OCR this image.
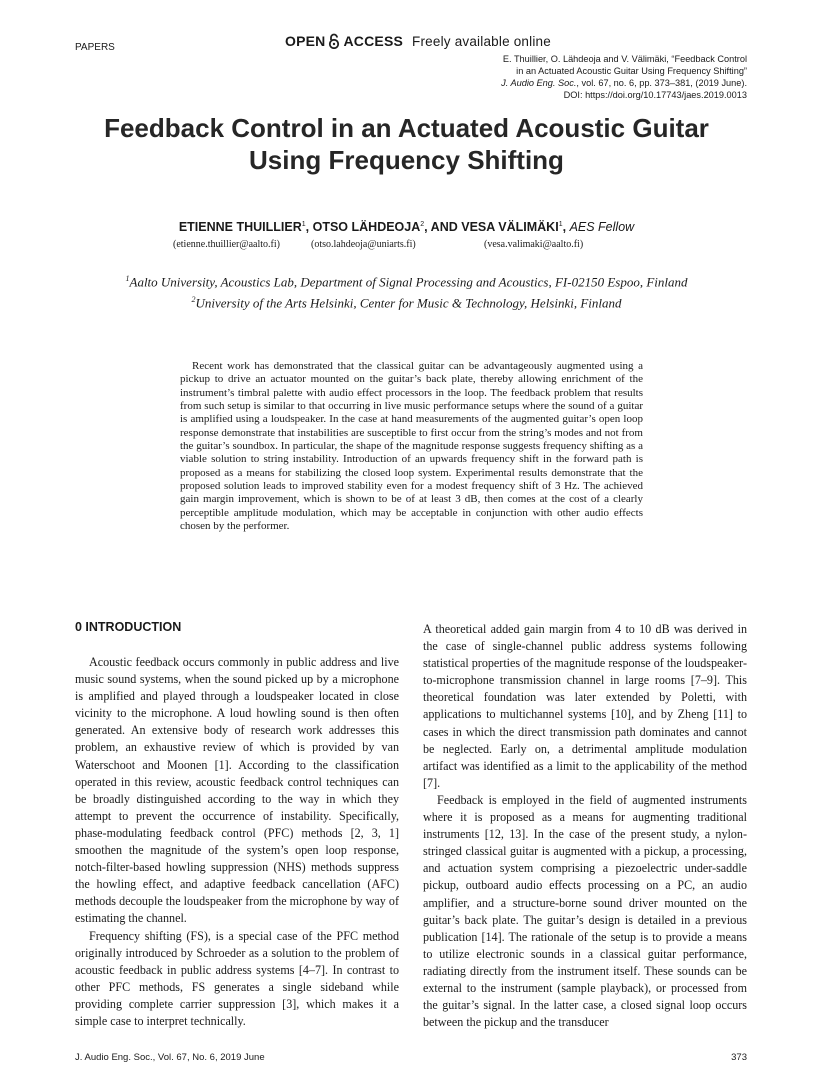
PAPERS	OPEN ACCESS Freely available online
E. Thuillier, O. Lähdeoja and V. Välimäki, “Feedback Control
in an Actuated Acoustic Guitar Using Frequency Shifting”
J. Audio Eng. Soc., vol. 67, no. 6, pp. 373–381, (2019 June).
DOI: https://doi.org/10.17743/jaes.2019.0013
Feedback Control in an Actuated Acoustic Guitar
Using Frequency Shifting
ETIENNE THUILLIER$^1$, OTSO LÄHDEOJA$^2$, AND VESA VÄLIMÄKI$^1$, AES Fellow
(etienne.thuillier@aalto.fi)	(otso.lahdeoja@uniarts.fi)	(vesa.valimaki@aalto.fi)
$^1$Aalto University, Acoustics Lab, Department of Signal Processing and Acoustics, FI-02150 Espoo, Finland
$^2$University of the Arts Helsinki, Center for Music & Technology, Helsinki, Finland

Recent work has demonstrated that the classical guitar can be advantageously augmented using a pickup to drive an actuator mounted on the guitar’s back plate, thereby allowing enrichment of the instrument’s timbral palette with audio effect processors in the loop. The feedback problem that results from such setup is similar to that occurring in live music performance setups where the sound of a guitar is amplified using a loudspeaker. In the case at hand measurements of the augmented guitar’s open loop response demonstrate that instabilities are susceptible to first occur from the string’s modes and not from the guitar’s soundbox. In particular, the shape of the magnitude response suggests frequency shifting as a viable solution to string instability. Introduction of an upwards frequency shift in the forward path is proposed as a means for stabilizing the closed loop system. Experimental results demonstrate that the proposed solution leads to improved stability even for a modest frequency shift of 3 Hz. The achieved gain margin improvement, which is shown to be of at least 3 dB, then comes at the cost of a clearly perceptible amplitude modulation, which may be acceptable in conjunction with other audio effects chosen by the performer.

0 INTRODUCTION

Acoustic feedback occurs commonly in public address and live music sound systems, when the sound picked up by a microphone is amplified and played through a loudspeaker located in close vicinity to the microphone. A loud howling sound is then often generated. An extensive body of research work addresses this problem, an exhaustive review of which is provided by van Waterschoot and Moonen [1]. According to the classification operated in this review, acoustic feedback control techniques can be broadly distinguished according to the way in which they attempt to prevent the occurrence of instability. Specifically, phase-modulating feedback control (PFC) methods [2, 3, 1] smoothen the magnitude of the system’s open loop response, notch-filter-based howling suppression (NHS) methods suppress the howling effect, and adaptive feedback cancellation (AFC) methods decouple the loudspeaker from the microphone by way of estimating the channel.

Frequency shifting (FS), is a special case of the PFC method originally introduced by Schroeder as a solution to the problem of acoustic feedback in public address systems [4–7]. In contrast to other PFC methods, FS generates a single sideband while providing complete carrier suppression [3], which makes it a simple case to interpret technically.

A theoretical added gain margin from 4 to 10 dB was derived in the case of single-channel public address systems following statistical properties of the magnitude response of the loudspeaker-to-microphone transmission channel in large rooms [7–9]. This theoretical foundation was later extended by Poletti, with applications to multichannel systems [10], and by Zheng [11] to cases in which the direct transmission path dominates and cannot be neglected. Early on, a detrimental amplitude modulation artifact was identified as a limit to the applicability of the method [7].

Feedback is employed in the field of augmented instruments where it is proposed as a means for augmenting traditional instruments [12, 13]. In the case of the present study, a nylon-stringed classical guitar is augmented with a pickup, a processing, and actuation system comprising a piezoelectric under-saddle pickup, outboard audio effects processing on a PC, an audio amplifier, and a structure-borne sound driver mounted on the guitar’s back plate. The guitar’s design is detailed in a previous publication [14]. The rationale of the setup is to provide a means to utilize electronic sounds in a classical guitar performance, radiating directly from the instrument itself. These sounds can be external to the instrument (sample playback), or processed from the guitar’s signal. In the latter case, a closed signal loop occurs between the pickup and the transducer

J. Audio Eng. Soc., Vol. 67, No. 6, 2019 June	373
